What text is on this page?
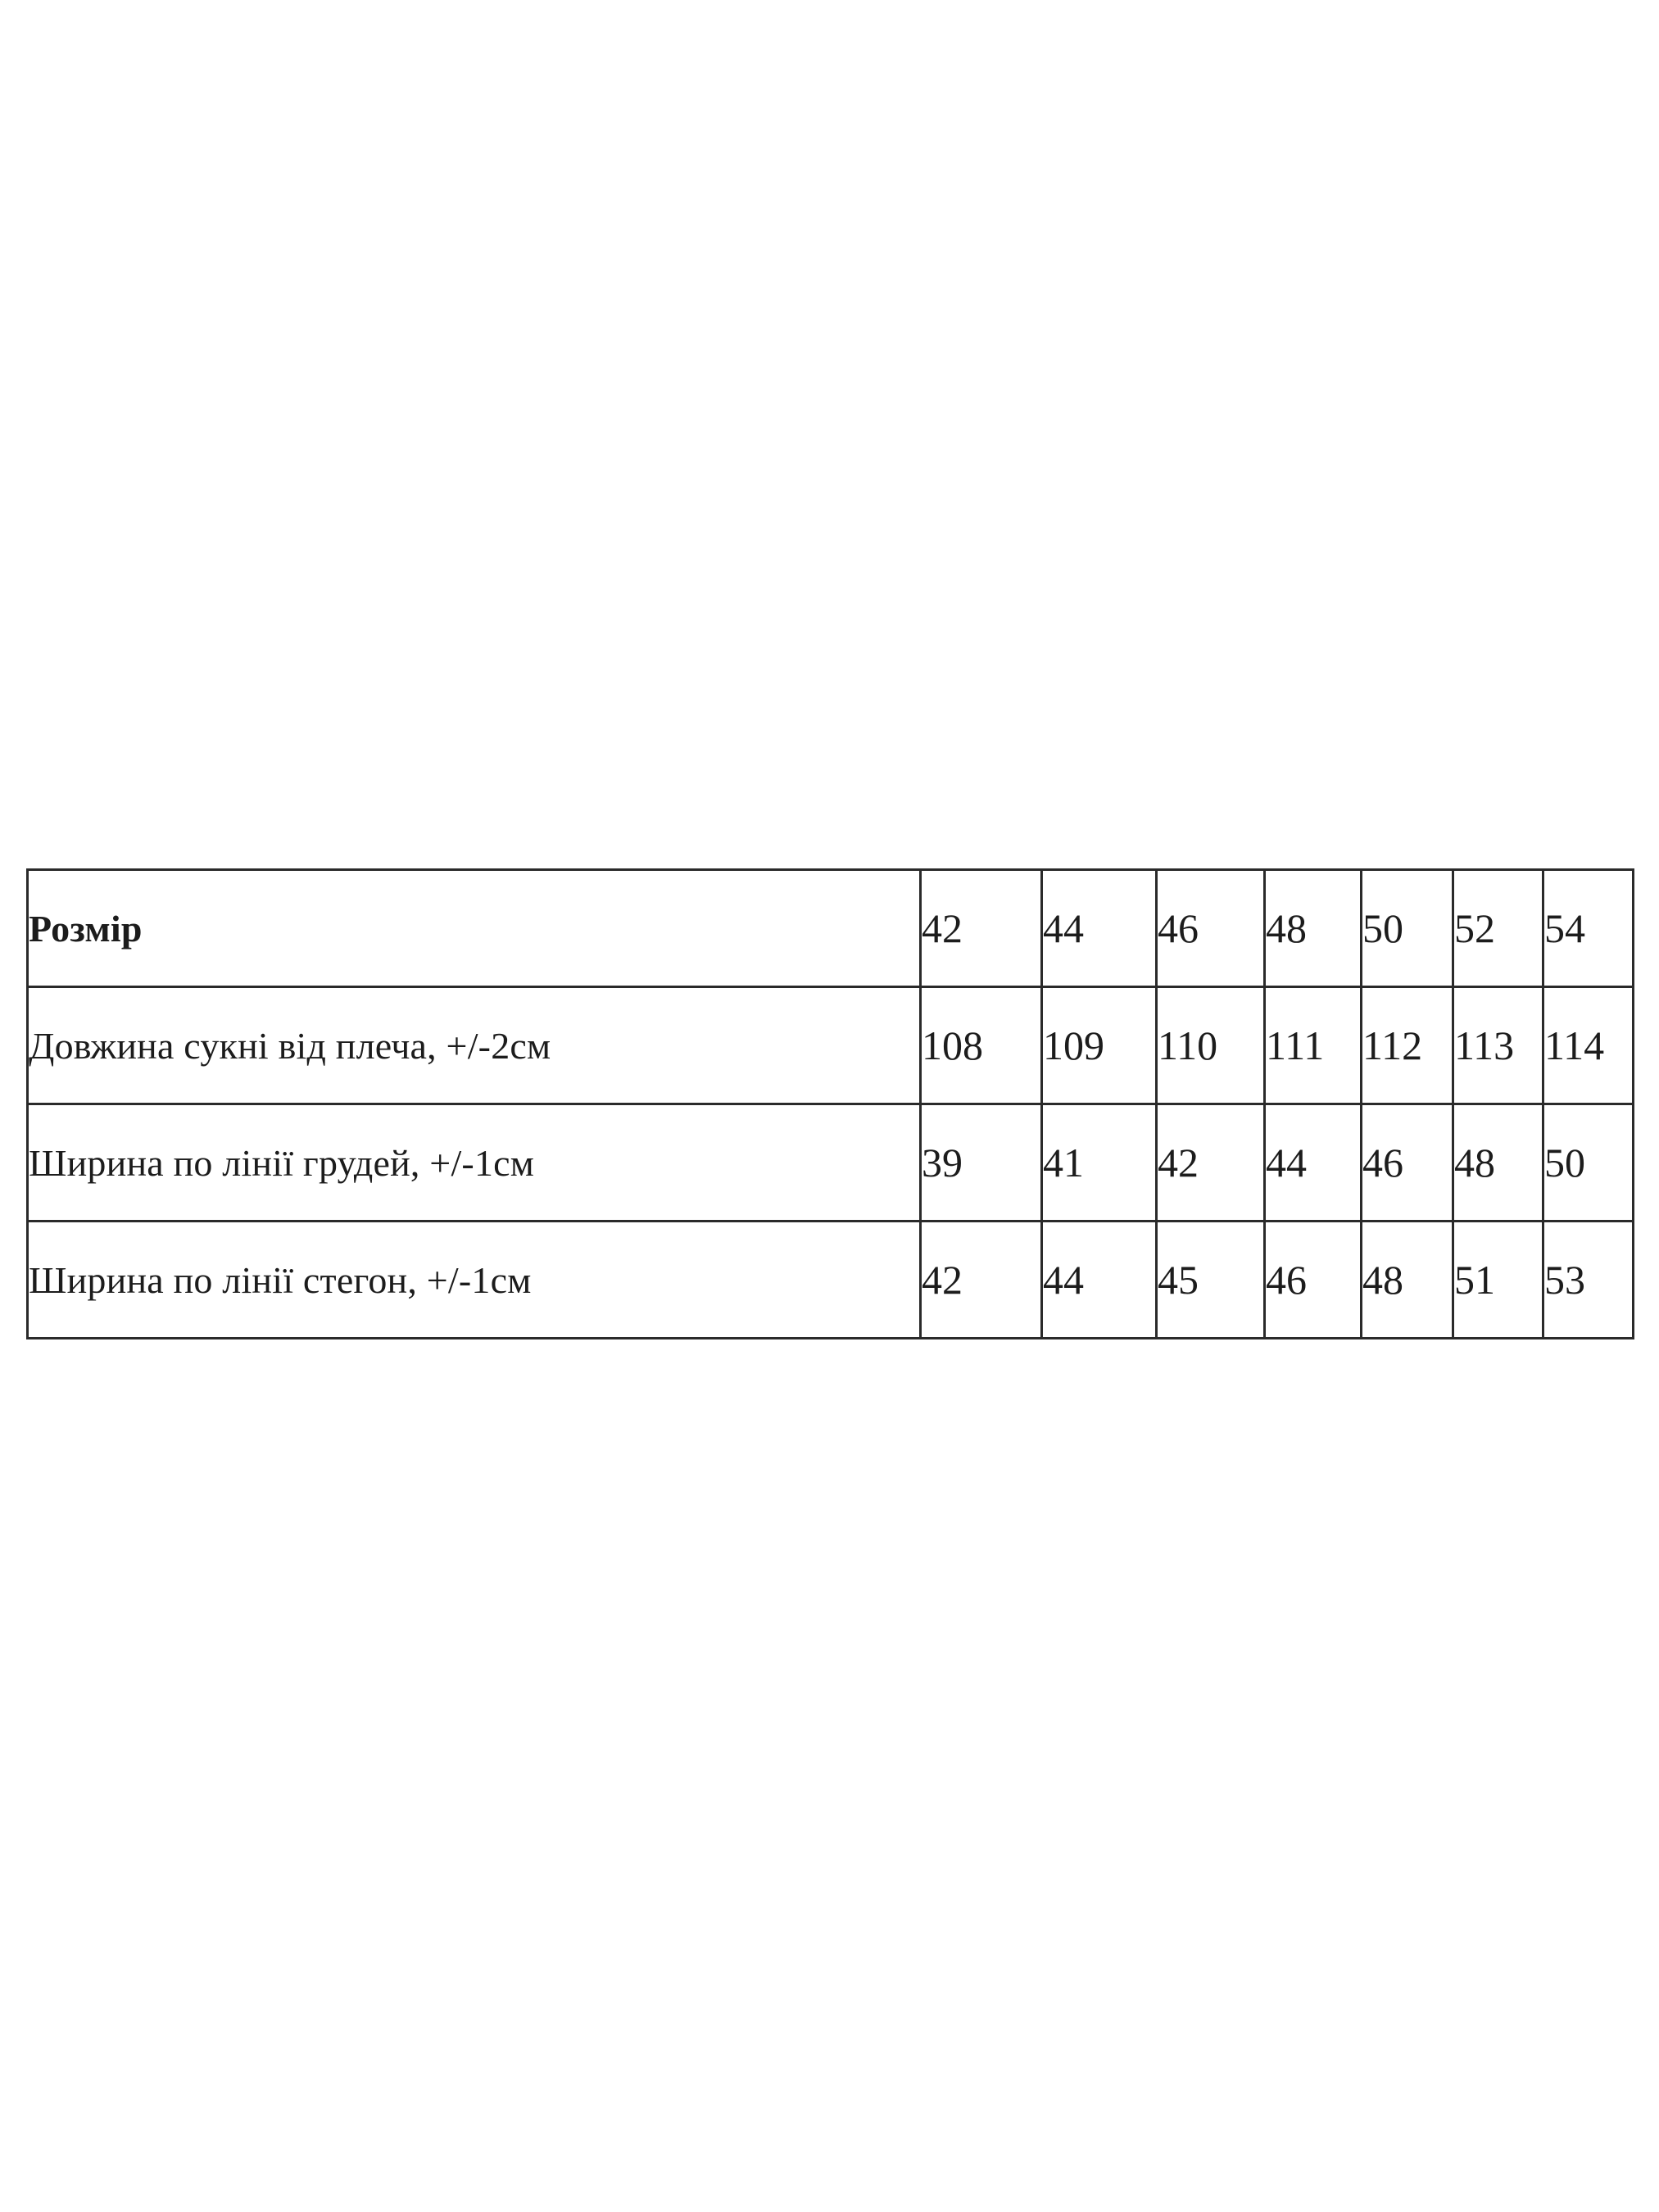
Розмір	42	44	46	48	50	52	54
Довжина сукні від плеча, +/-2см	108	109	110	111	112	113	114
Ширина по лінії грудей, +/-1см	39	41	42	44	46	48	50
Ширина по лінії стегон, +/-1см	42	44	45	46	48	51	53
